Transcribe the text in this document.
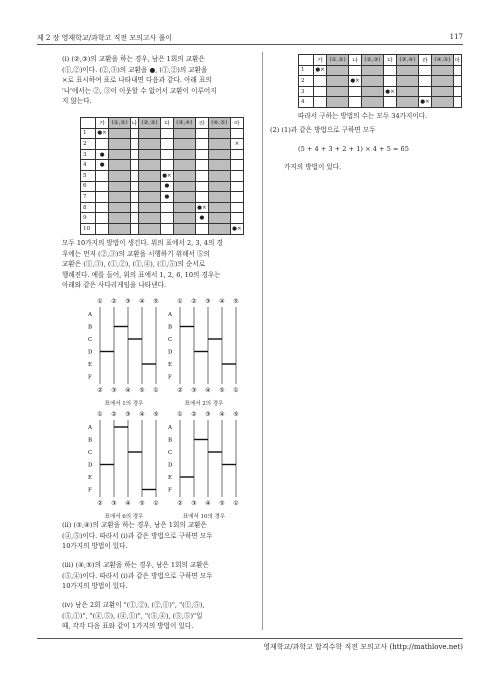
제 2 장 영재학교/과학고 직전 모의고사 풀이	117

(i) (②,③)의 교환을 하는 경우, 남은 1회의 교환은

(①,②)이다. (②,③)의 교환을 ●, (①,②)의 교환을

×로 표시하여 표로 나타내면 다음과 같다. 아래 표의

'나'에서는 ②, ③이 이웃할 수 없어서 교환이 이루어지

지 않는다.

	가	(①,②)	나	(②,③)	다	(③,④)	라	(④,⑤)	마
1	●×								
2									×
3	●								
4	●								
5					●×				
6					●				
7					●				
8							●×		
9							●		
10									●×

모두 10가지의 방법이 생긴다. 위의 표에서 2, 3, 4의 경

우에는 먼저 (②,③)의 교환을 시행하기 위해서 ⑤의

교환은 (①,③), (①,②), (①,④), (①,⑤)의 순서로

행해진다. 예를 들어, 위의 표에서 1, 2, 6, 10의 경우는

아래와 같은 사다리게임을 나타낸다.

① ② ③ ④ ⑤
A
B
C
D
E
F
② ③ ④ ⑤ ①
표에서 1의 경우
① ② ③ ④ ⑤
A
B
C
D
E
F
② ③ ④ ⑤ ①
표에서 2의 경우
① ② ③ ④ ⑤
A
B
C
D
E
F
② ③ ④ ⑤ ①
표에서 6의 경우
① ② ③ ④ ⑤
A
B
C
D
E
F
② ③ ④ ⑤ ①
표에서 10의 경우

(ii) (③,④)의 교환을 하는 경우, 남은 1회의 교환은

(④,⑤)이다. 따라서 (i)과 같은 방법으로 구하면 모두

10가지의 방법이 있다.

(iii) (④,⑤)의 교환을 하는 경우, 남은 1회의 교환은

(⑤,④)이다. 따라서 (i)과 같은 방법으로 구하면 모두

10가지의 방법이 있다.

(iv) 남은 2회 교환이 "(①,②), (②,①)", "(①,⑤),

(⑤,①)", "(④,⑤), (④,①)", "(⑤,④), (⑤,⑤)"일

때, 각각 다음 표와 같이 1가지의 방법이 있다.

	가	(①,②)	나	(②,③)	다	(③,④)	라	(④,⑤)	마
1	●×								
2			●×						
3					●×				
4							●×		
따라서 구하는 방법의 수는 모두 34가지이다.
(2) (1)과 같은 방법으로 구하면 모두
(5 + 4 + 3 + 2 + 1) × 4 + 5 = 65
가지의 방법이 있다.
영재학교/과학고 합격수학 직전 모의고사 (http://mathlove.net)
